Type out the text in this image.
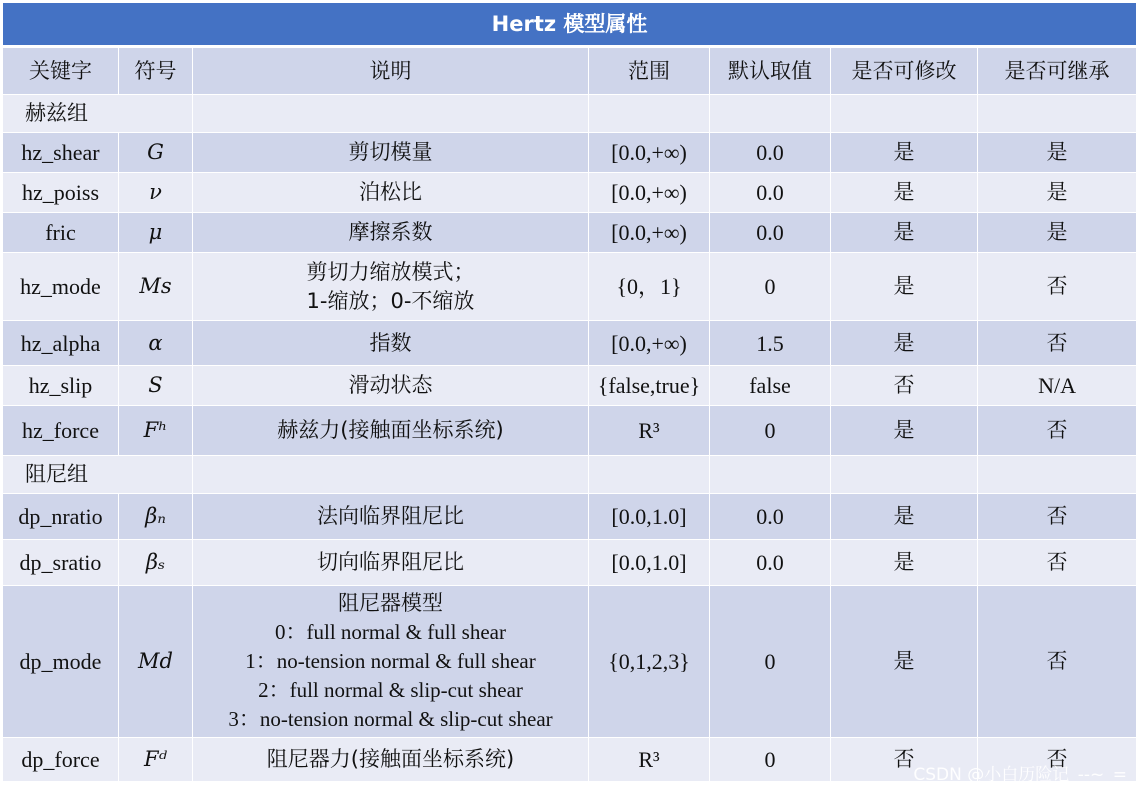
Hertz 模型属性						
关键字	符号	说明	范围	默认取值	是否可修改	是否可继承
赫兹组						
hz_shear	G	剪切模量	[0.0,+∞)	0.0	是	是
hz_poiss	ν	泊松比	[0.0,+∞)	0.0	是	是
fric	μ	摩擦系数	[0.0,+∞)	0.0	是	是
hz_mode	Ms	剪切力缩放模式；
1-缩放；0-不缩放	{0，1}	0	是	否
hz_alpha	α	指数	[0.0,+∞)	1.5	是	否
hz_slip	S	滑动状态	{false,true}	false	否	N/A
hz_force	Fʰ	赫兹力(接触面坐标系统)	R³	0	是	否
阻尼组						
dp_nratio	βₙ	法向临界阻尼比	[0.0,1.0]	0.0	是	否
dp_sratio	βₛ	切向临界阻尼比	[0.0,1.0]	0.0	是	否
dp_mode	Md	阻尼器模型
0：full normal & full shear
1：no-tension normal & full shear
2：full normal & slip-cut shear
3：no-tension normal & slip-cut shear	{0,1,2,3}	0	是	否
dp_force	Fᵈ	阻尼器力(接触面坐标系统)	R³	0	否	否
CSDN @小白历险记_--~_=
